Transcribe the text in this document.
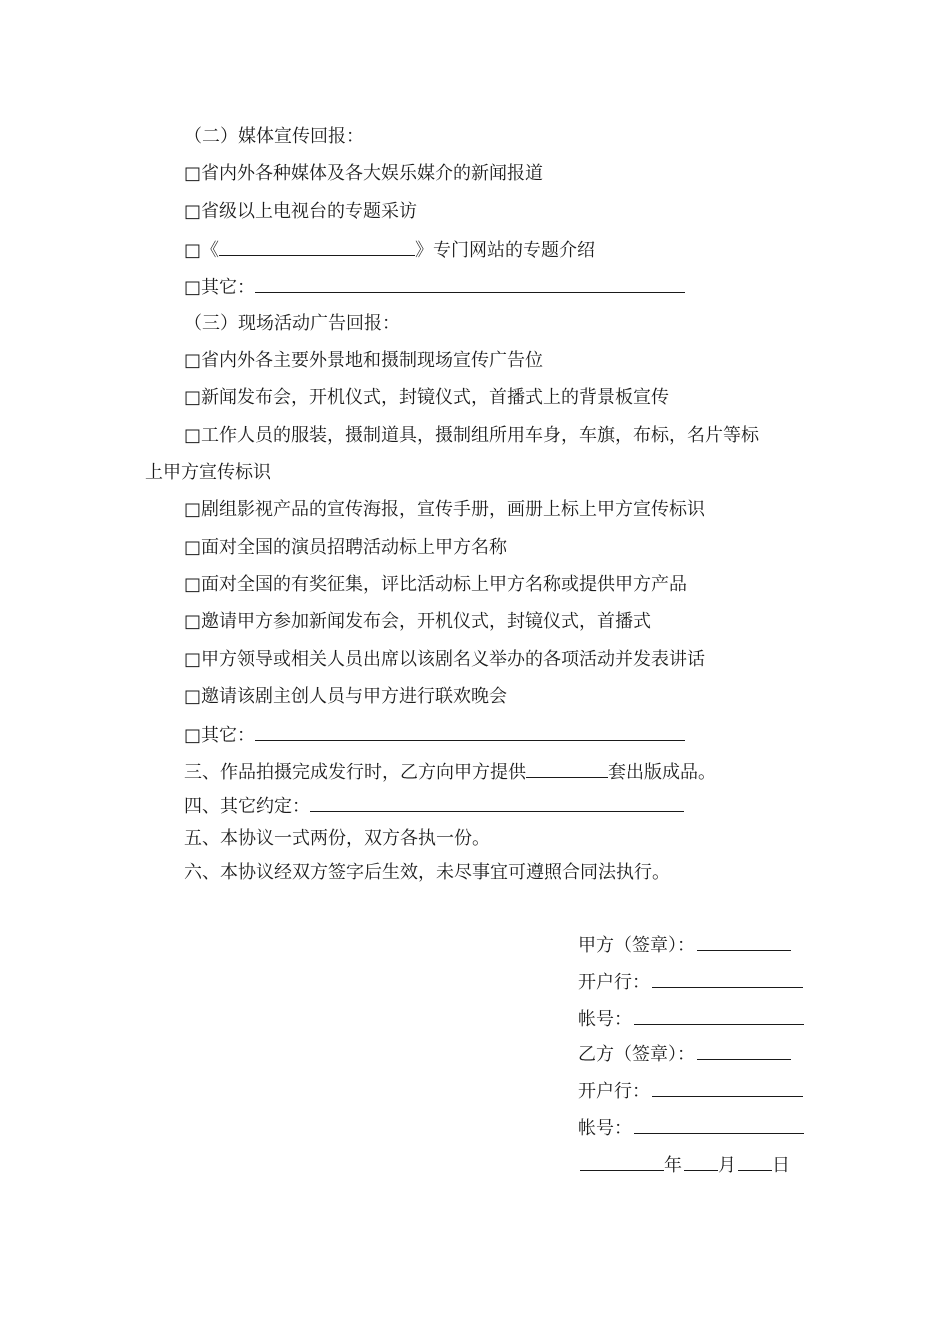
（二）媒体宣传回报：
□省内外各种媒体及各大娱乐媒介的新闻报道
□省级以上电视台的专题采访
□《	》专门网站的专题介绍
□其它：
（三）现场活动广告回报：
□省内外各主要外景地和摄制现场宣传广告位
□新闻发布会，开机仪式，封镜仪式，首播式上的背景板宣传
□工作人员的服装，摄制道具，摄制组所用车身，车旗，布标，名片等标
上甲方宣传标识
□剧组影视产品的宣传海报，宣传手册，画册上标上甲方宣传标识
□面对全国的演员招聘活动标上甲方名称
□面对全国的有奖征集，评比活动标上甲方名称或提供甲方产品
□邀请甲方参加新闻发布会，开机仪式，封镜仪式，首播式
□甲方领导或相关人员出席以该剧名义举办的各项活动并发表讲话
□邀请该剧主创人员与甲方进行联欢晚会
□其它：
三、作品拍摄完成发行时，乙方向甲方提供	套出版成品。
四、其它约定：
五、本协议一式两份，双方各执一份。
六、本协议经双方签字后生效，未尽事宜可遵照合同法执行。
甲方（签章）：
开户行：
帐号：
乙方（签章）：
开户行：
帐号：
年 月 日
